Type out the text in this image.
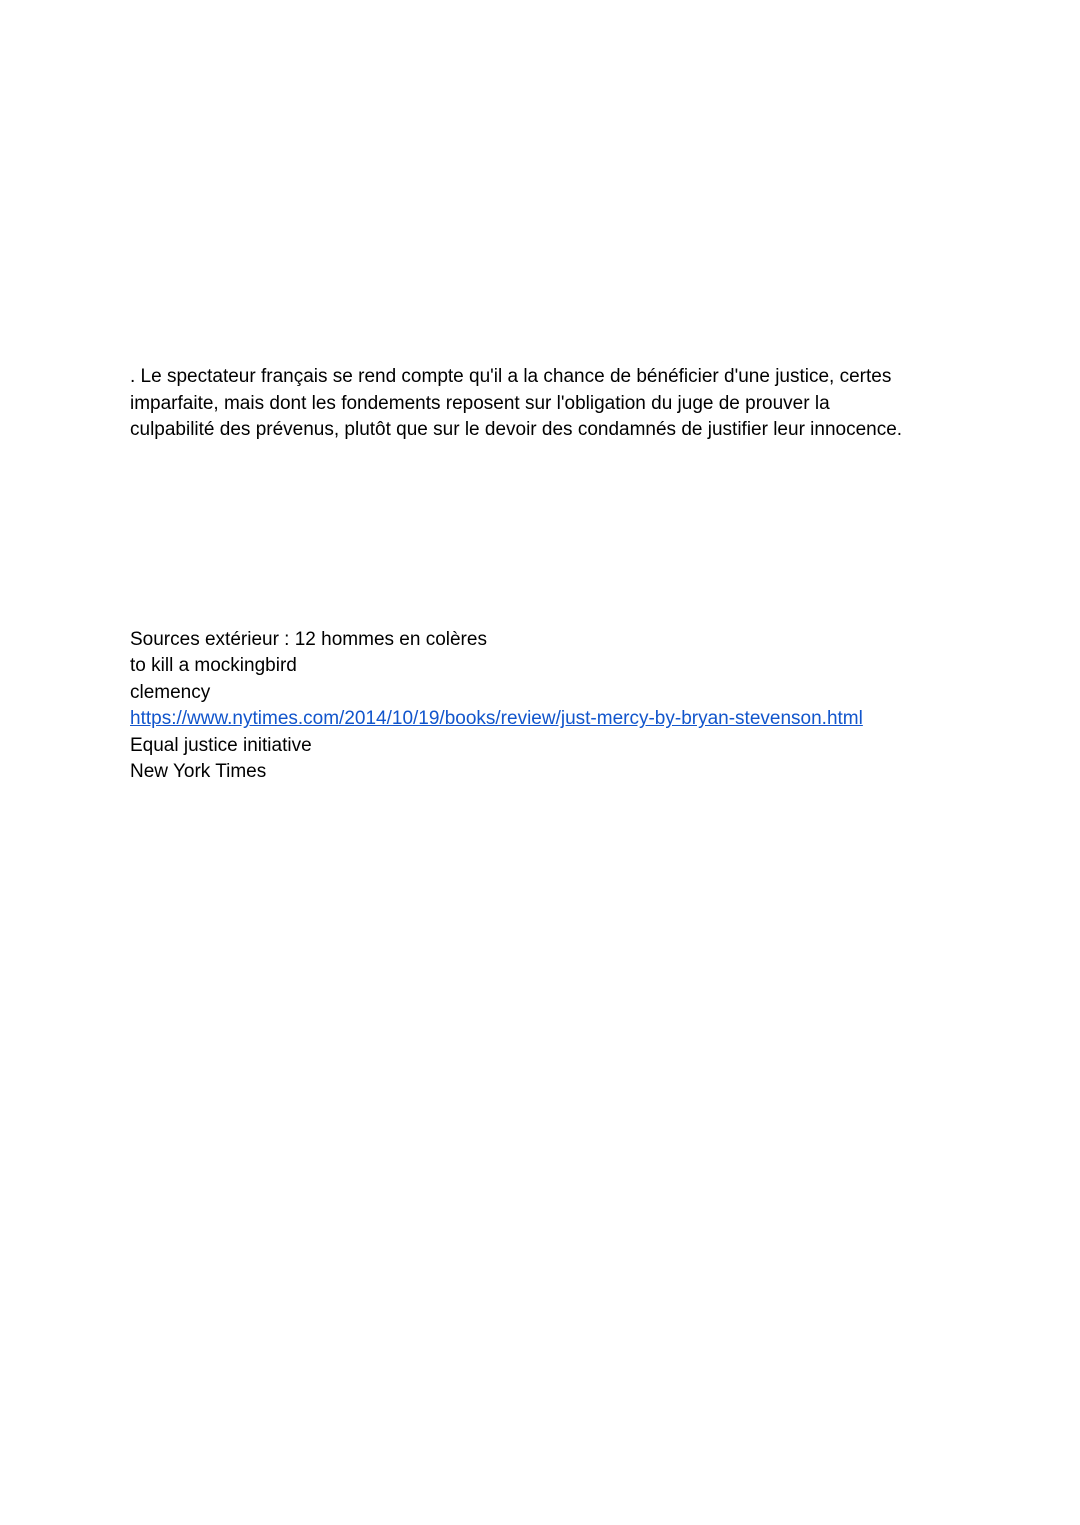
. Le spectateur français se rend compte qu'il a la chance de bénéficier d'une justice, certes
imparfaite, mais dont les fondements reposent sur l'obligation du juge de prouver la
culpabilité des prévenus, plutôt que sur le devoir des condamnés de justifier leur innocence.

Sources extérieur : 12 hommes en colères
to kill a mockingbird
clemency
https://www.nytimes.com/2014/10/19/books/review/just-mercy-by-bryan-stevenson.html
Equal justice initiative
New York Times
